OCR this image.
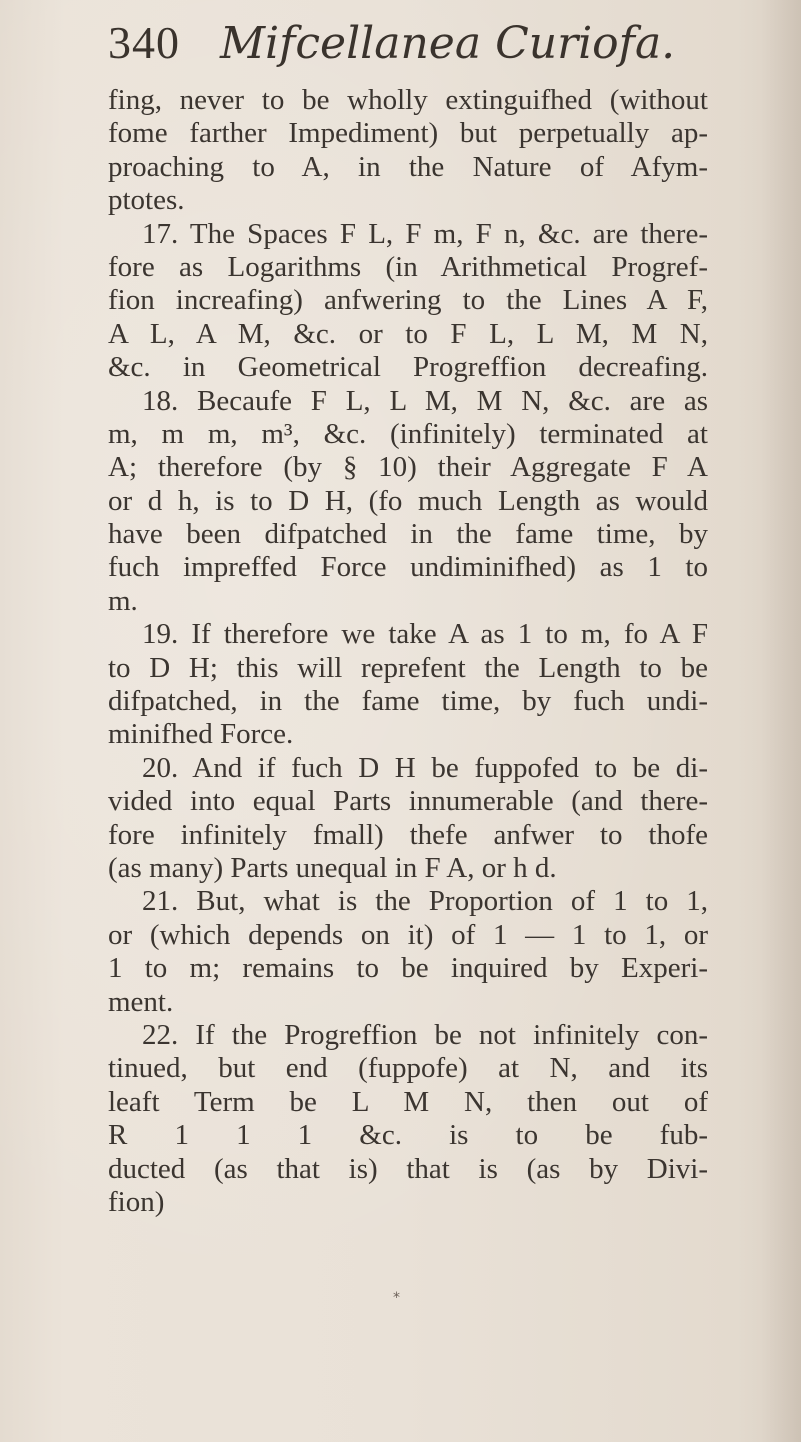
340 Mifcellanea Curiofa.
fing, never to be wholly extinguifhed (without
fome farther Impediment) but perpetually ap-
proaching to A, in the Nature of Afym-
ptotes.
17. The Spaces F L, F m, F n, &c. are there-
fore as Logarithms (in Arithmetical Progref-
fion increafing) anfwering to the Lines A F,
A L, A M, &c. or to F L, L M, M N,
&c. in Geometrical Progreffion decreafing.
18. Becaufe F L, L M, M N, &c. are as
m, m m, m³, &c. (infinitely) terminated at
A; therefore (by § 10) their Aggregate F A
or d h, is to D H, (fo much Length as would
have been difpatched in the fame time, by
fuch impreffed Force undiminifhed) as 1 to
m.
19. If therefore we take A as 1 to m, fo A F
to D H; this will reprefent the Length to be
difpatched, in the fame time, by fuch undi-
minifhed Force.
20. And if fuch D H be fuppofed to be di-
vided into equal Parts innumerable (and there-
fore infinitely fmall) thefe anfwer to thofe
(as many) Parts unequal in F A, or h d.
21. But, what is the Proportion of 1 to 1,
or (which depends on it) of 1 — 1 to 1, or
1 to m; remains to be inquired by Experi-
ment.
22. If the Progreffion be not infinitely con-
tinued, but end (fuppofe) at N, and its
leaft Term be L M N, then out of
R 1 1 1 &c. is to be fub-
ducted (as that is) that is (as by Divi-
fion)
*
